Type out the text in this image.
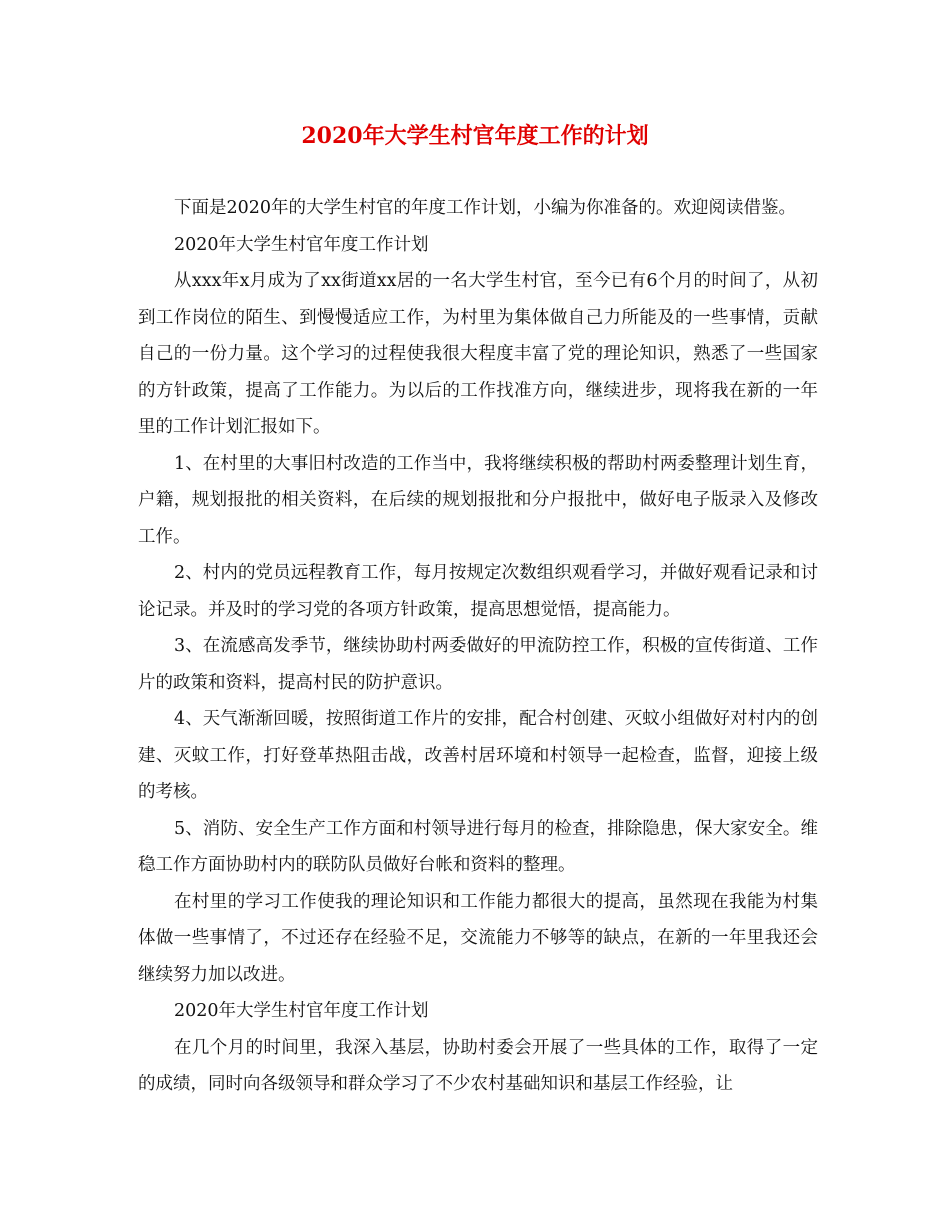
2020年大学生村官年度工作的计划

下面是2020年的大学生村官的年度工作计划，小编为你准备的。欢迎阅读借鉴。

2020年大学生村官年度工作计划

从xxx年x月成为了xx街道xx居的一名大学生村官，至今已有6个月的时间了，从初到工作岗位的陌生、到慢慢适应工作，为村里为集体做自己力所能及的一些事情，贡献自己的一份力量。这个学习的过程使我很大程度丰富了党的理论知识，熟悉了一些国家的方针政策，提高了工作能力。为以后的工作找准方向，继续进步，现将我在新的一年里的工作计划汇报如下。

1、在村里的大事旧村改造的工作当中，我将继续积极的帮助村两委整理计划生育，户籍，规划报批的相关资料，在后续的规划报批和分户报批中，做好电子版录入及修改工作。

2、村内的党员远程教育工作，每月按规定次数组织观看学习，并做好观看记录和讨论记录。并及时的学习党的各项方针政策，提高思想觉悟，提高能力。

3、在流感高发季节，继续协助村两委做好的甲流防控工作，积极的宣传街道、工作片的政策和资料，提高村民的防护意识。

4、天气渐渐回暖，按照街道工作片的安排，配合村创建、灭蚊小组做好对村内的创建、灭蚊工作，打好登革热阻击战，改善村居环境和村领导一起检查，监督，迎接上级的考核。

5、消防、安全生产工作方面和村领导进行每月的检查，排除隐患，保大家安全。维稳工作方面协助村内的联防队员做好台帐和资料的整理。

在村里的学习工作使我的理论知识和工作能力都很大的提高，虽然现在我能为村集体做一些事情了，不过还存在经验不足，交流能力不够等的缺点，在新的一年里我还会继续努力加以改进。

2020年大学生村官年度工作计划

在几个月的时间里，我深入基层，协助村委会开展了一些具体的工作，取得了一定的成绩，同时向各级领导和群众学习了不少农村基础知识和基层工作经验，让
